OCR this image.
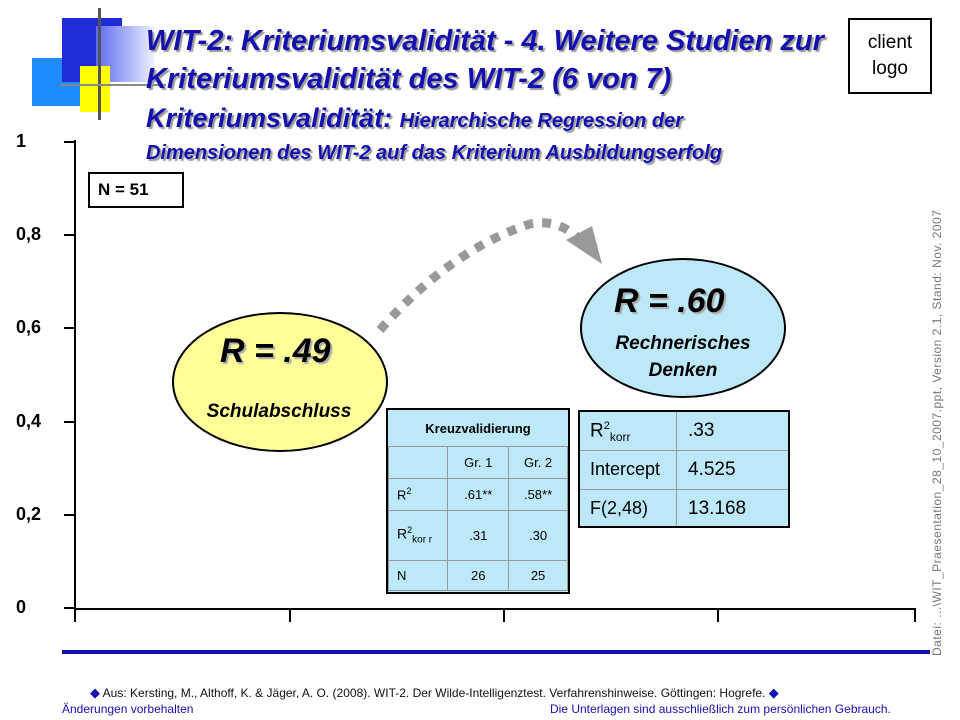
WIT-2: Kriteriumsvalidität - 4. Weitere Studien zur Kriteriumsvalidität des WIT-2 (6 von 7)
Kriteriumsvalidität: Hierarchische Regression der
Dimensionen des WIT-2 auf das Kriterium Ausbildungserfolg
client logo
Datei: ...\WIT_Praesentation_28_10_2007.ppt, Version 2.1, Stand: Nov. 2007
0
0,2
0,4
0,6
0,8
1
N = 51
R = .49
Schulabschluss
R = .60
Rechnerisches Denken
Kreuzvalidierung		
	Gr. 1	Gr. 2
$R^2$	.61**	.58**
$R^2_{kor r}$	.31	.30
N	26	25
$R^2_{korr}$	.33
Intercept 4.525
F(2,48) 13.168
◆ Aus: Kersting, M., Althoff, K. & Jäger, A. O. (2008). WIT-2. Der Wilde-Intelligenztest. Verfahrenshinweise. Göttingen: Hogrefe. ◆
Änderungen vorbehalten	Die Unterlagen sind ausschließlich zum persönlichen Gebrauch.
